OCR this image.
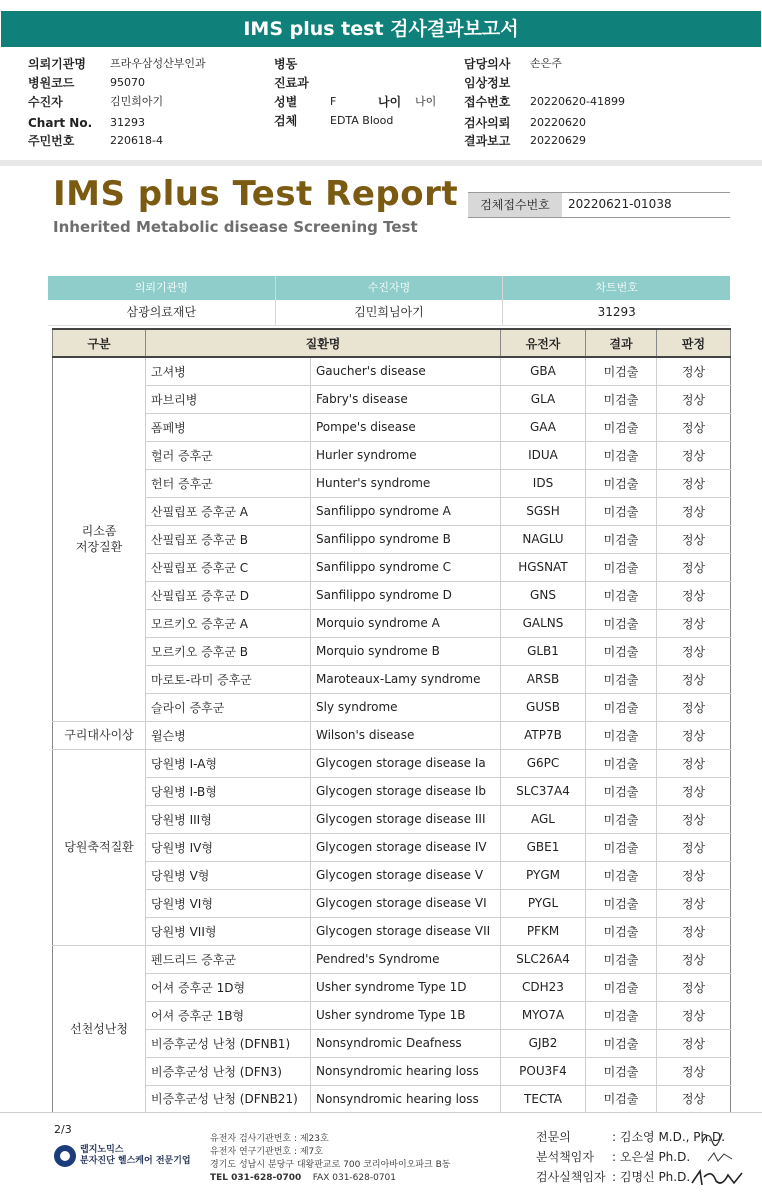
IMS plus test 검사결과보고서
의뢰기관명 프라우삼성산부인과
병원코드	95070
수진자	김민희아기
Chart No. 31293
주민번호	220618-4
병동
진료과
성별	F	나이 나이
검체	EDTA Blood
담당의사 손은주
임상정보
접수번호 20220620-41899
검사의뢰 20220620
결과보고 20220629
IMS plus Test Report
Inherited Metabolic disease Screening Test
검체접수번호	20220621-01038
의뢰기관명	수진자명	차트번호
삼광의료재단	김민희님아기	31293
구분	질환명		유전자	결과	판정
리소좀
저장질환	고셔병	Gaucher's disease	GBA	미검출	정상
	파브리병	Fabry's disease	GLA	미검출	정상
	폼페병	Pompe's disease	GAA	미검출	정상
	헐러 증후군	Hurler syndrome	IDUA	미검출	정상
	헌터 증후군	Hunter's syndrome	IDS	미검출	정상
	산필립포 증후군 A	Sanfilippo syndrome A	SGSH	미검출	정상
	산필립포 증후군 B	Sanfilippo syndrome B	NAGLU	미검출	정상
	산필립포 증후군 C	Sanfilippo syndrome C	HGSNAT	미검출	정상
	산필립포 증후군 D	Sanfilippo syndrome D	GNS	미검출	정상
	모르키오 증후군 A	Morquio syndrome A	GALNS	미검출	정상
	모르키오 증후군 B	Morquio syndrome B	GLB1	미검출	정상
	마로토-라미 증후군	Maroteaux-Lamy syndrome	ARSB	미검출	정상
	슬라이 증후군	Sly syndrome	GUSB	미검출	정상
구리대사이상	윌슨병	Wilson's disease	ATP7B	미검출	정상
당원축적질환	당원병 I-A형	Glycogen storage disease Ia	G6PC	미검출	정상
	당원병 I-B형	Glycogen storage disease Ib	SLC37A4	미검출	정상
	당원병 III형	Glycogen storage disease III	AGL	미검출	정상
	당원병 IV형	Glycogen storage disease IV	GBE1	미검출	정상
	당원병 V형	Glycogen storage disease V	PYGM	미검출	정상
	당원병 VI형	Glycogen storage disease VI	PYGL	미검출	정상
	당원병 VII형	Glycogen storage disease VII	PFKM	미검출	정상
선천성난청	펜드리드 증후군	Pendred's Syndrome	SLC26A4	미검출	정상
	어셔 증후군 1D형	Usher syndrome Type 1D	CDH23	미검출	정상
	어셔 증후군 1B형	Usher syndrome Type 1B	MYO7A	미검출	정상
	비증후군성 난청 (DFNB1)	Nonsyndromic Deafness	GJB2	미검출	정상
	비증후군성 난청 (DFN3)	Nonsyndromic hearing loss	POU3F4	미검출	정상
	비증후군성 난청 (DFNB21)	Nonsyndromic hearing loss	TECTA	미검출	정상
2/3
랩지노믹스
분자진단 헬스케어 전문기업
유전자 검사기관번호 : 제23호
유전자 연구기관번호 : 제7호
경기도 성남시 분당구 대왕판교로 700 코리아바이오파크 B동
TEL 031-628-0700 FAX 031-628-0701
전문의	: 김소영 M.D., Ph.D.
분석책임자	: 오은설 Ph.D.
검사실책임자 : 김명신 Ph.D.
